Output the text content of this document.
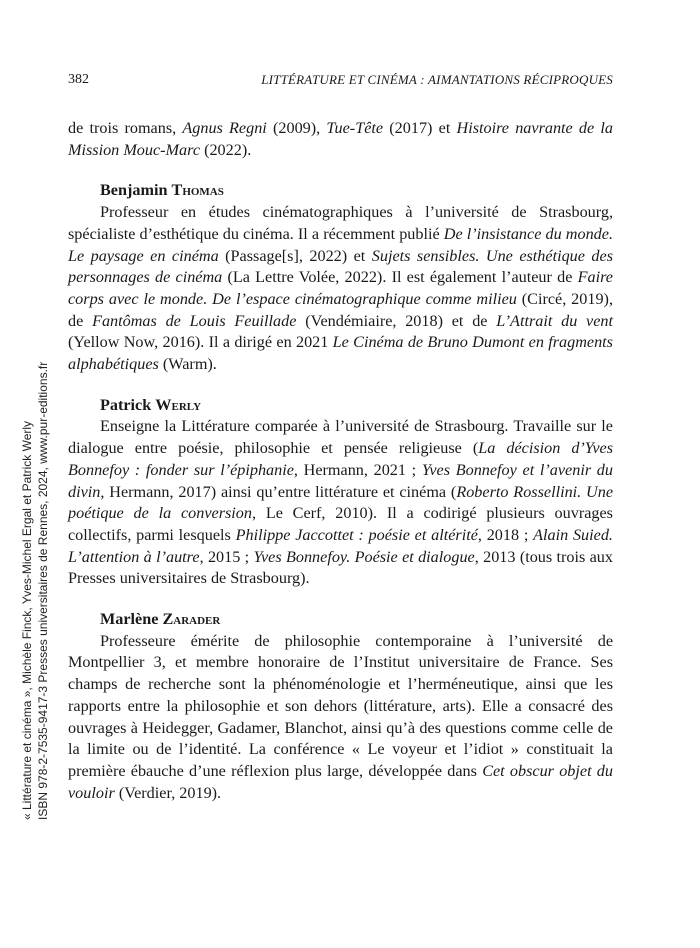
382	LITTÉRATURE ET CINÉMA : AIMANTATIONS RÉCIPROQUES

de trois romans, Agnus Regni (2009), Tue-Tête (2017) et Histoire navrante de la Mission Mouc-Marc (2022).

Benjamin Thomas

Professeur en études cinématographiques à l’université de Strasbourg, spécialiste d’esthétique du cinéma. Il a récemment publié De l’insistance du monde. Le paysage en cinéma (Passage[s], 2022) et Sujets sensibles. Une esthétique des personnages de cinéma (La Lettre Volée, 2022). Il est également l’auteur de Faire corps avec le monde. De l’espace cinématographique comme milieu (Circé, 2019), de Fantômas de Louis Feuillade (Vendémiaire, 2018) et de L’Attrait du vent (Yellow Now, 2016). Il a dirigé en 2021 Le Cinéma de Bruno Dumont en fragments alphabétiques (Warm).

Patrick Werly

Enseigne la Littérature comparée à l’université de Strasbourg. Travaille sur le dialogue entre poésie, philosophie et pensée religieuse (La décision d’Yves Bonnefoy : fonder sur l’épiphanie, Hermann, 2021 ; Yves Bonnefoy et l’avenir du divin, Hermann, 2017) ainsi qu’entre littérature et cinéma (Roberto Rossellini. Une poétique de la conversion, Le Cerf, 2010). Il a codirigé plusieurs ouvrages collectifs, parmi lesquels Philippe Jaccottet : poésie et altérité, 2018 ; Alain Suied. L’attention à l’autre, 2015 ; Yves Bonnefoy. Poésie et dialogue, 2013 (tous trois aux Presses universitaires de Strasbourg).

Marlène Zarader

Professeure émérite de philosophie contemporaine à l’université de Montpellier 3, et membre honoraire de l’Institut universitaire de France. Ses champs de recherche sont la phénoménologie et l’herméneutique, ainsi que les rapports entre la philosophie et son dehors (littérature, arts). Elle a consacré des ouvrages à Heidegger, Gadamer, Blanchot, ainsi qu’à des questions comme celle de la limite ou de l’identité. La conférence « Le voyeur et l’idiot » constituait la première ébauche d’une réflexion plus large, développée dans Cet obscur objet du vouloir (Verdier, 2019).

« Littérature et cinéma », Michèle Finck, Yves-Michel Ergal et Patrick Werly ISBN 978-2-7535-9417-3 Presses universitaires de Rennes, 2024, www.pur-editions.fr
